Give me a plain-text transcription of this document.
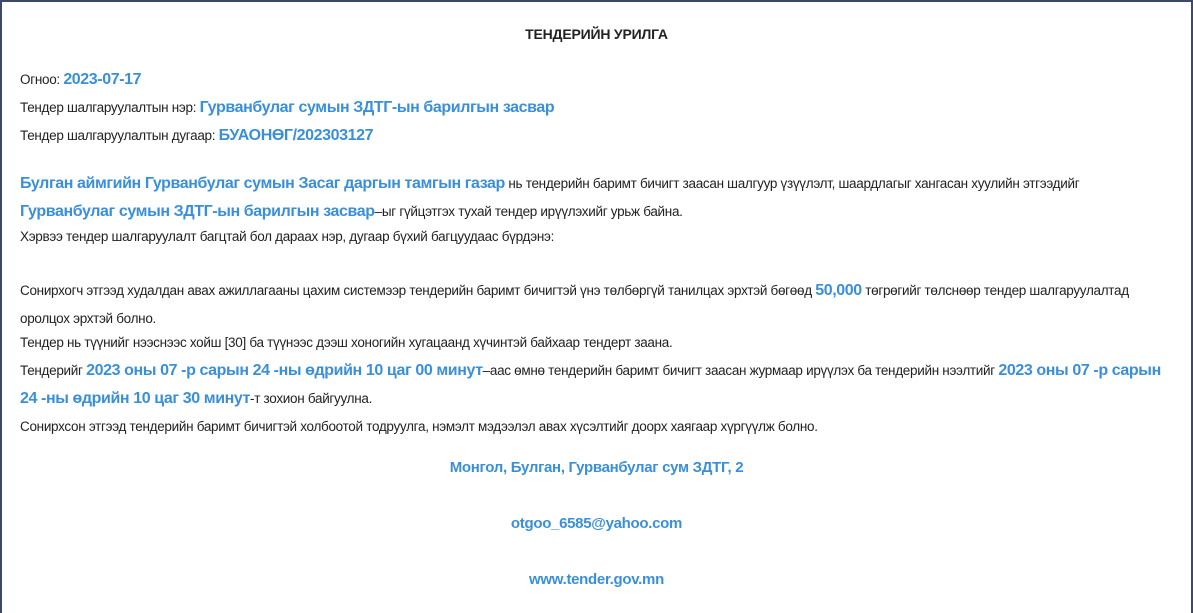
ТЕНДЕРИЙН УРИЛГА
Огноо: 2023-07-17
Тендер шалгаруулалтын нэр: Гурванбулаг сумын ЗДТГ-ын барилгын засвар
Тендер шалгаруулалтын дугаар: БУАОНӨГ/202303127
Булган аймгийн Гурванбулаг сумын Засаг даргын тамгын газар нь тендерийн баримт бичигт заасан шалгуур үзүүлэлт, шаардлагыг хангасан хуулийн этгээдийг Гурванбулаг сумын ЗДТГ-ын барилгын засвар–ыг гүйцэтгэх тухай тендер ирүүлэхийг урьж байна.
Хэрвээ тендер шалгаруулалт багцтай бол дараах нэр, дугаар бүхий багцуудаас бүрдэнэ:
Сонирхогч этгээд худалдан авах ажиллагааны цахим системээр тендерийн баримт бичигтэй үнэ төлбөргүй танилцах эрхтэй бөгөөд 50,000 төгрөгийг төлснөөр тендер шалгаруулалтад оролцох эрхтэй болно.
Тендер нь түүнийг нээснээс хойш [30] ба түүнээс дээш хоногийн хугацаанд хүчинтэй байхаар тендерт заана.
Тендерийг 2023 оны 07 -р сарын 24 -ны өдрийн 10 цаг 00 минут–аас өмнө тендерийн баримт бичигт заасан журмаар ирүүлэх ба тендерийн нээлтийг 2023 оны 07 -р сарын 24 -ны өдрийн 10 цаг 30 минут-т зохион байгуулна.
Сонирхсон этгээд тендерийн баримт бичигтэй холбоотой тодруулга, нэмэлт мэдээлэл авах хүсэлтийг доорх хаягаар хүргүүлж болно.
Монгол, Булган, Гурванбулаг сум ЗДТГ, 2
otgoo_6585@yahoo.com
www.tender.gov.mn
